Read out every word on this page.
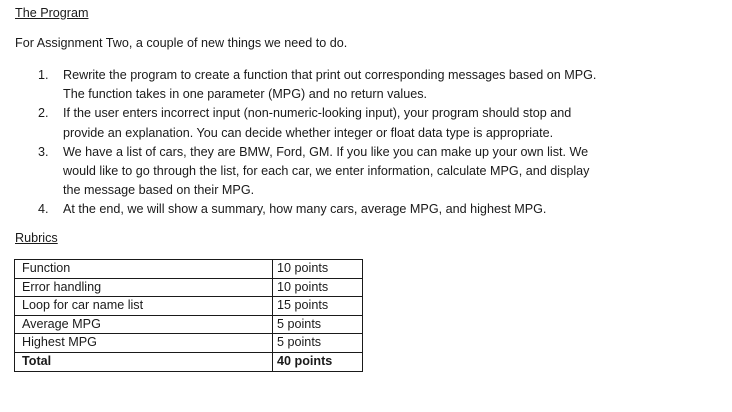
The Program
For Assignment Two, a couple of new things we need to do.
1. Rewrite the program to create a function that print out corresponding messages based on MPG.
The function takes in one parameter (MPG) and no return values.
2. If the user enters incorrect input (non-numeric-looking input), your program should stop and
provide an explanation. You can decide whether integer or float data type is appropriate.
3. We have a list of cars, they are BMW, Ford, GM. If you like you can make up your own list. We
would like to go through the list, for each car, we enter information, calculate MPG, and display
the message based on their MPG.
4. At the end, we will show a summary, how many cars, average MPG, and highest MPG.
Rubrics
Function	10 points
Error handling	10 points
Loop for car name list	15 points
Average MPG	5 points
Highest MPG	5 points
Total	40 points
